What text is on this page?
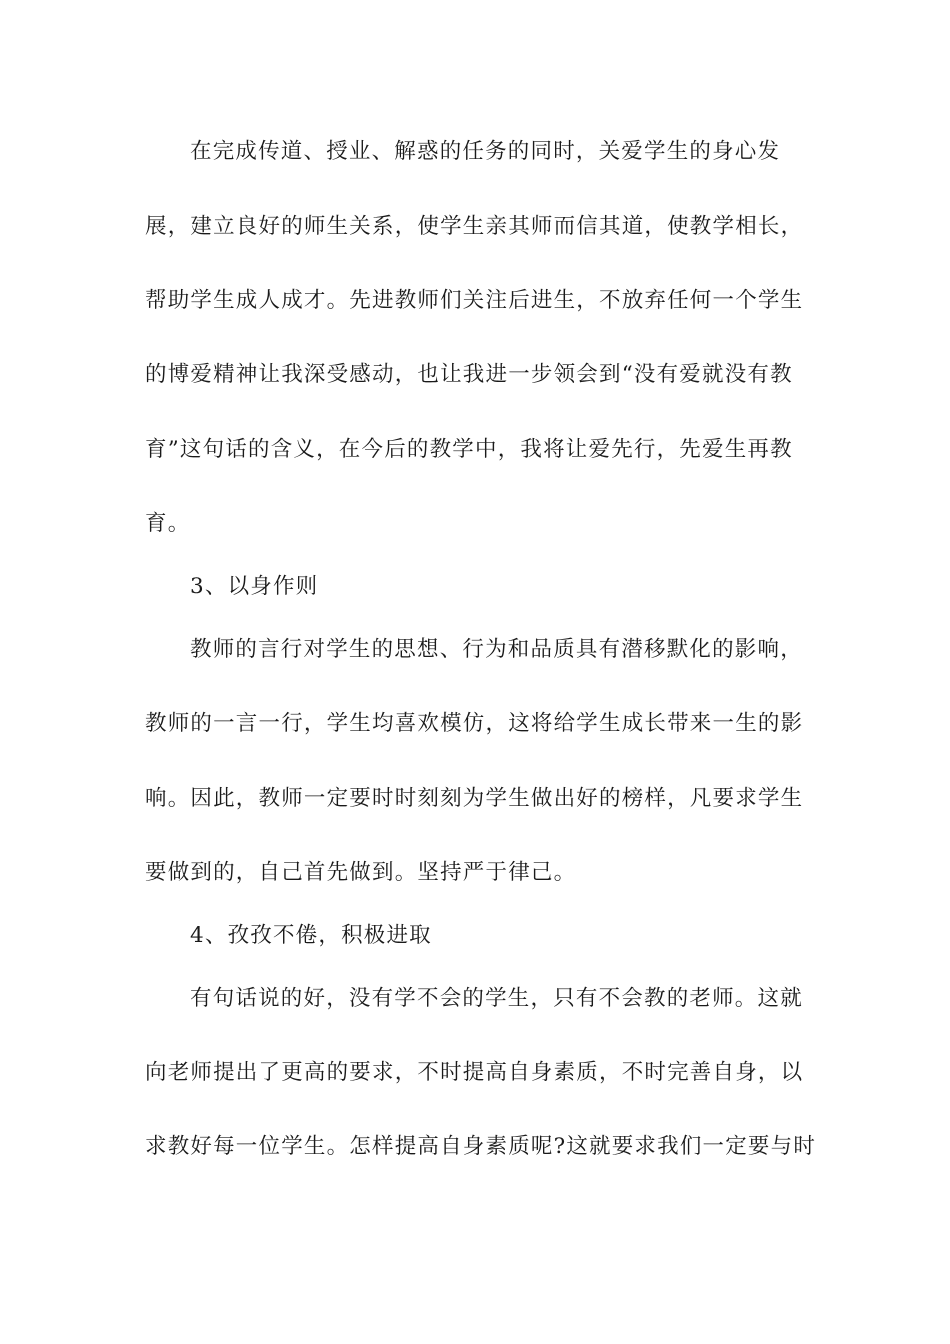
在完成传道、授业、解惑的任务的同时，关爱学生的身心发
展，建立良好的师生关系，使学生亲其师而信其道，使教学相长，
帮助学生成人成才。先进教师们关注后进生，不放弃任何一个学生
的博爱精神让我深受感动，也让我进一步领会到“没有爱就没有教
育”这句话的含义，在今后的教学中，我将让爱先行，先爱生再教
育。
3、以身作则
教师的言行对学生的思想、行为和品质具有潜移默化的影响，
教师的一言一行，学生均喜欢模仿，这将给学生成长带来一生的影
响。因此，教师一定要时时刻刻为学生做出好的榜样，凡要求学生
要做到的，自己首先做到。坚持严于律己。
4、孜孜不倦，积极进取
有句话说的好，没有学不会的学生，只有不会教的老师。这就
向老师提出了更高的要求，不时提高自身素质，不时完善自身，以
求教好每一位学生。怎样提高自身素质呢?这就要求我们一定要与时
